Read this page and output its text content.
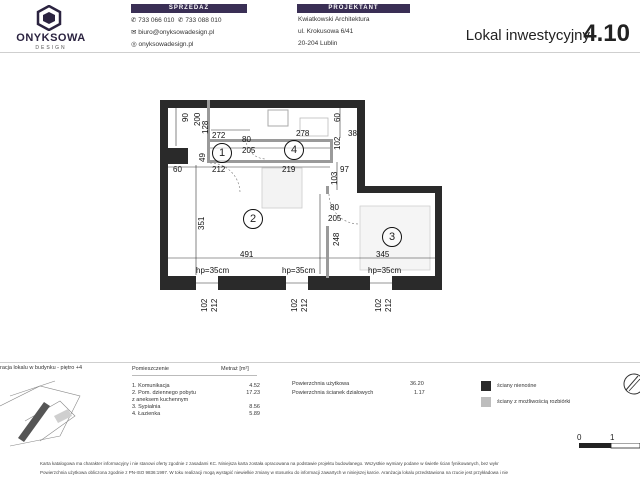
ONYKSOWA
DESIGN
SPRZEDAŻ
✆ 733 066 010 ✆ 733 088 010
✉ biuro@onyksowadesign.pl
◎ onyksowadesign.pl
PROJEKTANT
Kwiatkowski Architektura
ul. Krokusowa 6/41
20-204 Lublin	Lokal inwestycyjny
4.10
90 200
128
272	278
60
38
80
205
102
49
60	212	219	97
103
80
205
351
248
491	345
hp=35cm	hp=35cm	hp=35cm
102 212	102 212	102 212
1
2
3
4
racja lokalu w budynku - piętro +4	Pomieszczenie	Metraż [m²]
1. Komunikacja	4.52
2. Pom. dziennego pobytu	17.23
z aneksem kuchennym
3. Sypialnia	8.56
4. Łazienka	5.89
Powierzchnia użytkowa	36.20
Powierzchnia ścianek działowych	1.17
ściany nienośne
ściany z możliwością rozbiórki
0	1
Karta katalogowa ma charakter informacyjny i nie stanowi oferty zgodnie z zasadami KC. Niniejsza karta została opracowana na podstawie projektu budowlanego. Wszystkie wymiary podane w świetle ścian fynikowanych, bez wykr
Powierzchnia użytkowa obliczona zgodnie z PN-ISO 9836:1997. W toku realizacji mogą wystąpić niewielkie zmiany w stosunku do informacji zawartych w niniejszej karcie. Aranżacja lokalu przedstawiona na rzucie jest przykładowa i nie
